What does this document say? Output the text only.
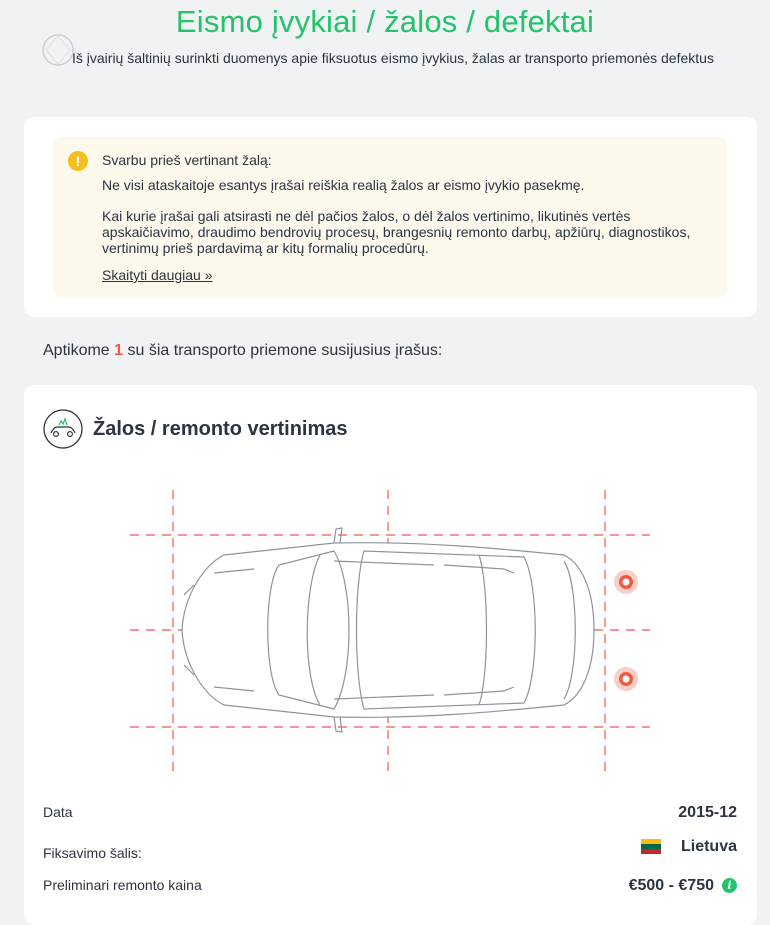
Eismo įvykiai / žalos / defektai
Iš įvairių šaltinių surinkti duomenys apie fiksuotus eismo įvykius, žalas ar transporto priemonės defektus
!	Svarbu prieš vertinant žalą:

Ne visi ataskaitoje esantys įrašai reiškia realią žalos ar eismo įvykio pasekmę.

Kai kurie įrašai gali atsirasti ne dėl pačios žalos, o dėl žalos vertinimo, likutinės vertės apskaičiavimo, draudimo bendrovių procesų, brangesnių remonto darbų, apžiūrų, diagnostikos, vertinimų prieš pardavimą ar kitų formalių procedūrų.

Skaityti daugiau »
Aptikome 1 su šia transporto priemone susijusius įrašus:
Žalos / remonto vertinimas
Data	2015-12
Fiksavimo šalis:	Lietuva
Preliminari remonto kaina	€500 - €750 i
